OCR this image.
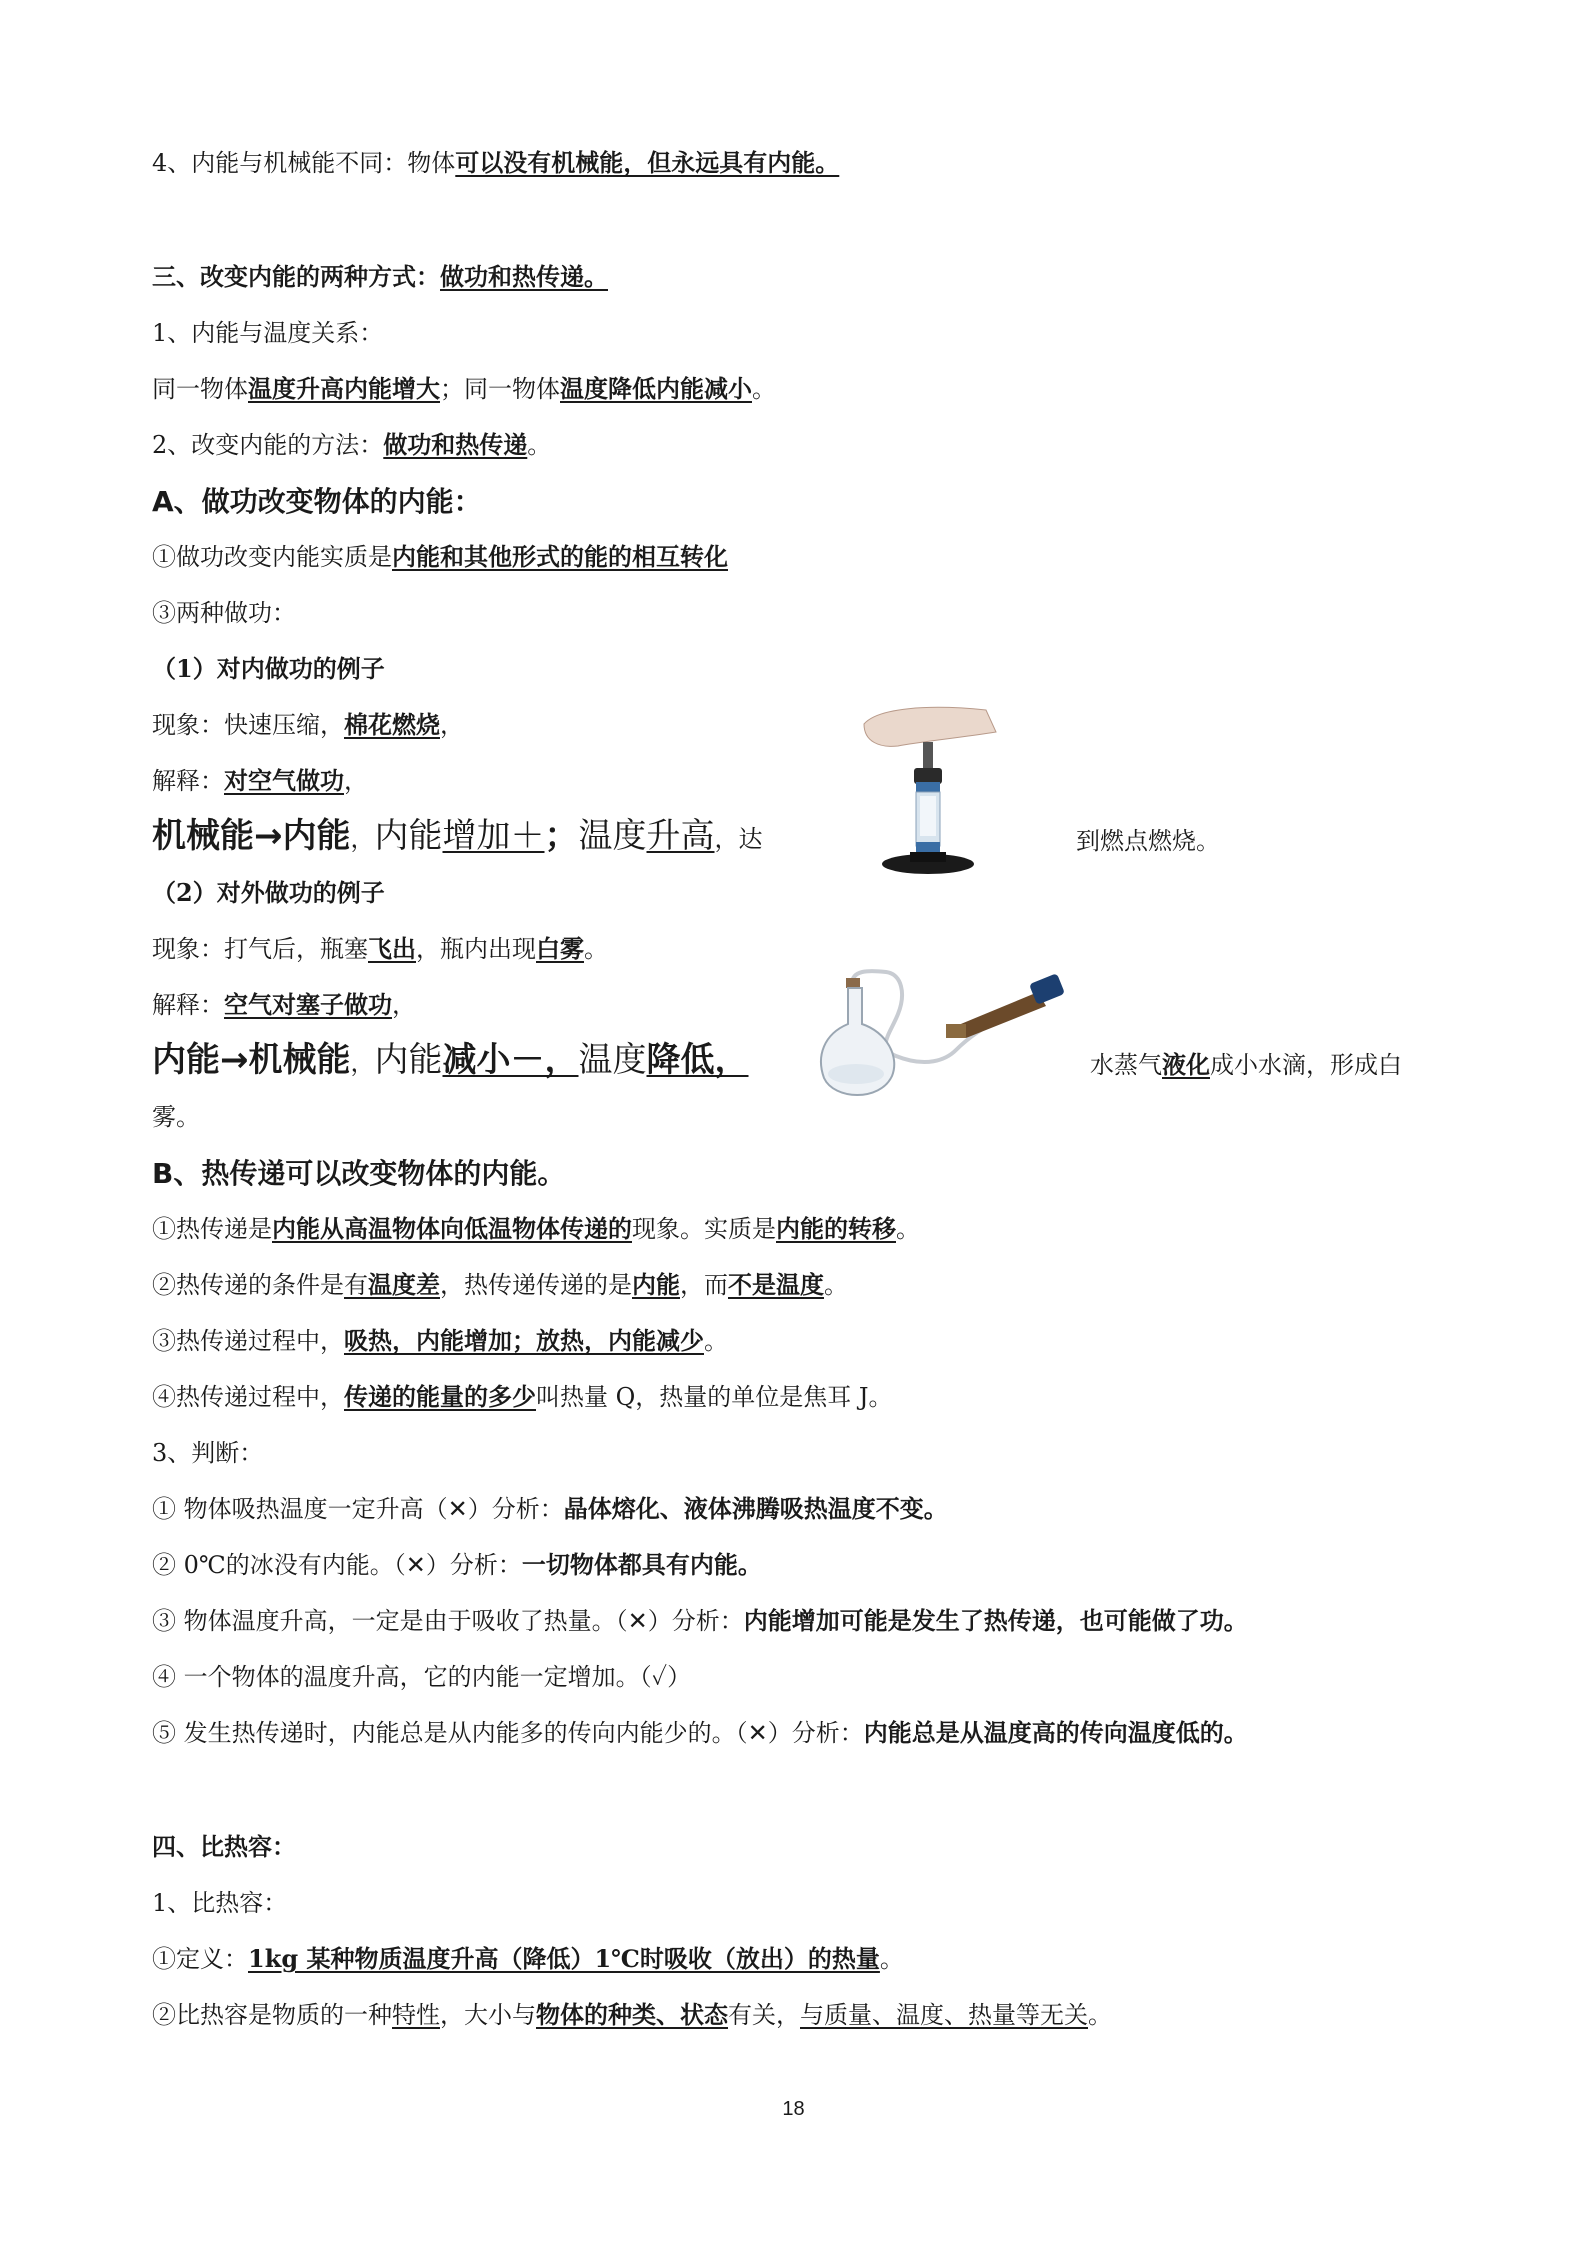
4、内能与机械能不同：物体可以没有机械能，但永远具有内能。
三、改变内能的两种方式：做功和热传递。
1、内能与温度关系：
同一物体温度升高内能增大；同一物体温度降低内能减小。
2、改变内能的方法：做功和热传递。
A、做功改变物体的内能：
①做功改变内能实质是内能和其他形式的能的相互转化
③两种做功：
（1）对内做功的例子
现象：快速压缩，棉花燃烧，
解释：对空气做功，
机械能→内能，内能增加＋；温度升高，达	到燃点燃烧。
（2）对外做功的例子
现象：打气后，瓶塞飞出，瓶内出现白雾。
解释：空气对塞子做功，
内能→机械能，内能减小－，温度降低，	水蒸气液化成小水滴，形成白
雾。
B、热传递可以改变物体的内能。
①热传递是内能从高温物体向低温物体传递的现象。实质是内能的转移。
②热传递的条件是有温度差，热传递传递的是内能，而不是温度。
③热传递过程中，吸热，内能增加；放热，内能减少。
④热传递过程中，传递的能量的多少叫热量 Q，热量的单位是焦耳 J。
3、判断：
① 物体吸热温度一定升高（✕）分析：晶体熔化、液体沸腾吸热温度不变。
② 0℃的冰没有内能。（✕）分析：一切物体都具有内能。
③ 物体温度升高，一定是由于吸收了热量。（✕）分析：内能增加可能是发生了热传递，也可能做了功。
④ 一个物体的温度升高，它的内能一定增加。（✓）
⑤ 发生热传递时，内能总是从内能多的传向内能少的。（✕）分析：内能总是从温度高的传向温度低的。
四、比热容：
1、比热容：
①定义：1kg 某种物质温度升高（降低）1℃时吸收（放出）的热量。
②比热容是物质的一种特性，大小与物体的种类、状态有关，与质量、温度、热量等无关。
18
